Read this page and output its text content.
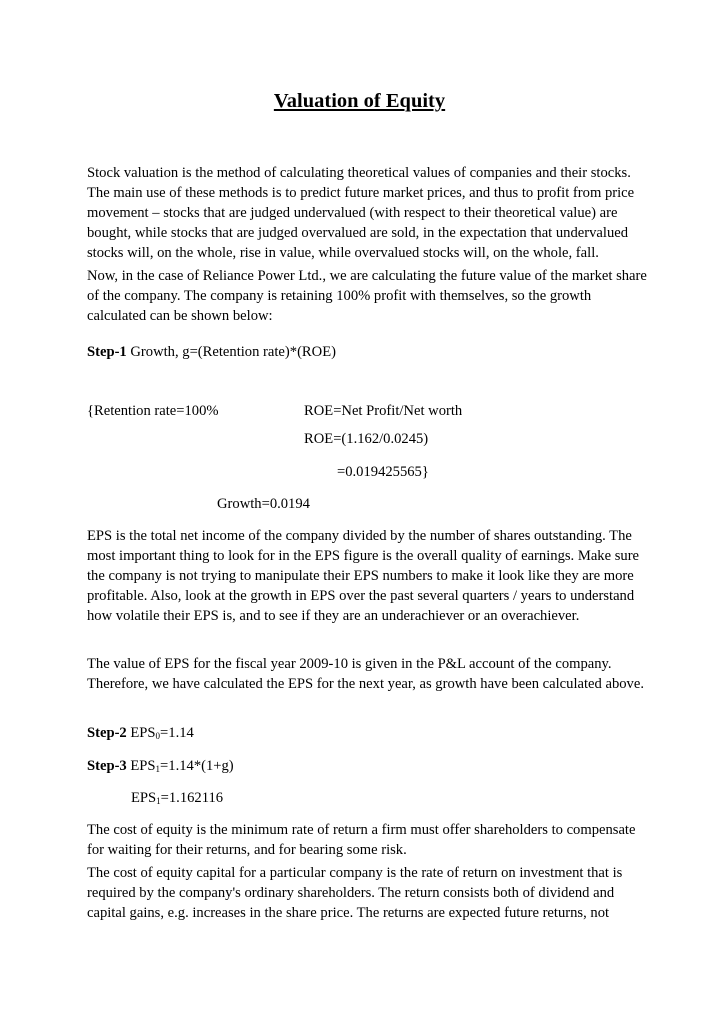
Valuation of Equity

Stock valuation is the method of calculating theoretical values of companies and their stocks. The main use of these methods is to predict future market prices, and thus to profit from price movement – stocks that are judged undervalued (with respect to their theoretical value) are bought, while stocks that are judged overvalued are sold, in the expectation that undervalued stocks will, on the whole, rise in value, while overvalued stocks will, on the whole, fall.

Now, in the case of Reliance Power Ltd., we are calculating the future value of the market share of the company. The company is retaining 100% profit with themselves, so the growth calculated can be shown below:

Step-1 Growth, g=(Retention rate)*(ROE)
{Retention rate=100%	ROE=Net Profit/Net worth
ROE=(1.162/0.0245)
=0.019425565}
Growth=0.0194

EPS is the total net income of the company divided by the number of shares outstanding. The most important thing to look for in the EPS figure is the overall quality of earnings. Make sure the company is not trying to manipulate their EPS numbers to make it look like they are more profitable. Also, look at the growth in EPS over the past several quarters / years to understand how volatile their EPS is, and to see if they are an underachiever or an overachiever.

The value of EPS for the fiscal year 2009-10 is given in the P&L account of the company. Therefore, we have calculated the EPS for the next year, as growth have been calculated above.

Step-2 $EPS_0=1.14$
Step-3 $EPS_1=1.14*(1+g)$
$EPS_1=1.162116$

The cost of equity is the minimum rate of return a firm must offer shareholders to compensate for waiting for their returns, and for bearing some risk.

The cost of equity capital for a particular company is the rate of return on investment that is required by the company's ordinary shareholders. The return consists both of dividend and capital gains, e.g. increases in the share price. The returns are expected future returns, not
